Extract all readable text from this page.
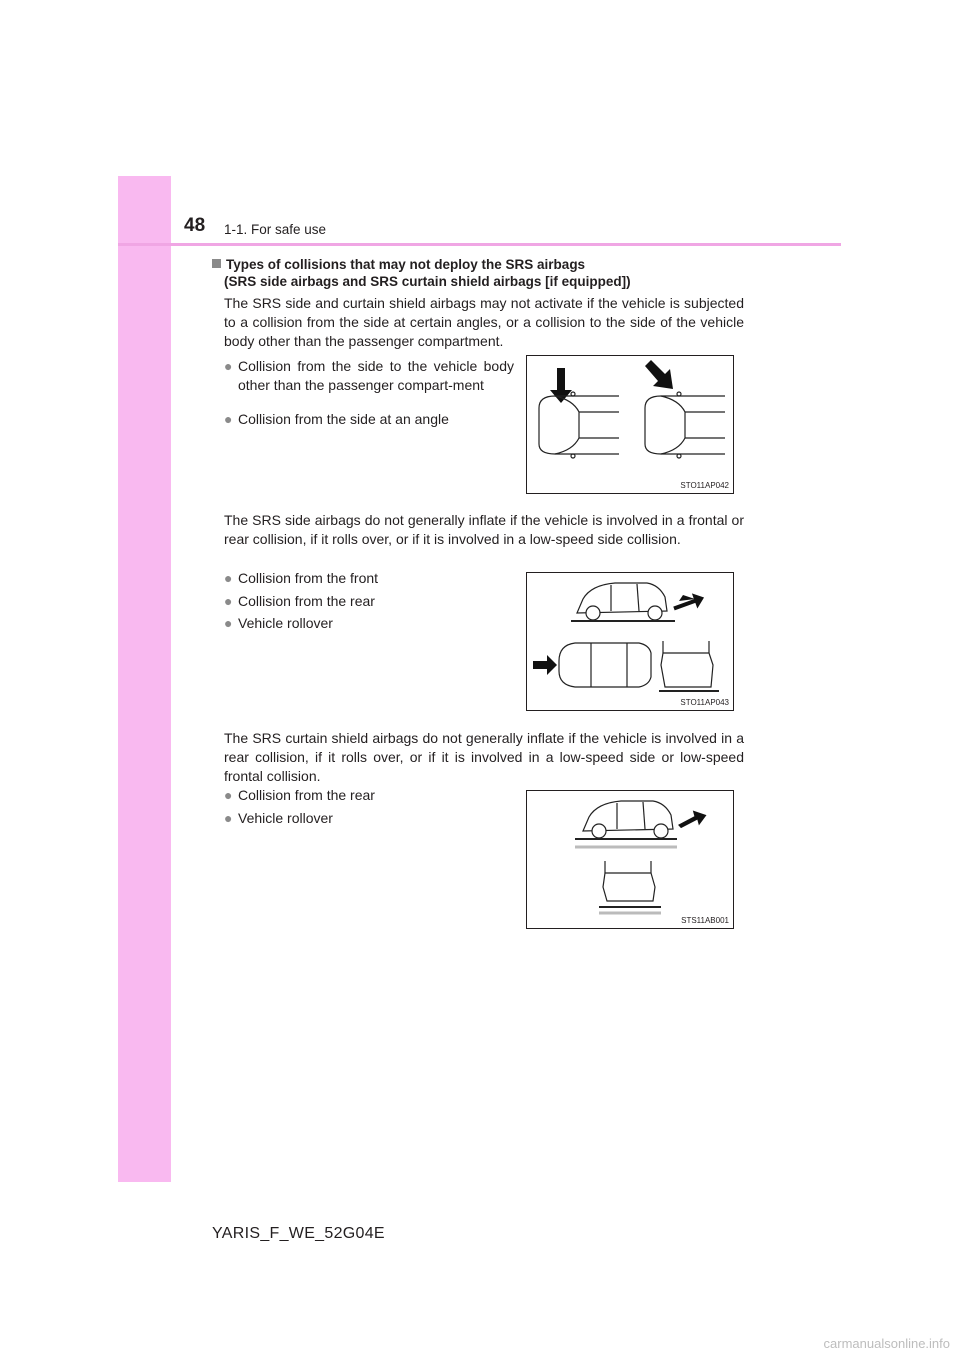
48 1-1. For safe use
Types of collisions that may not deploy the SRS airbags
(SRS side airbags and SRS curtain shield airbags [if equipped])
The SRS side and curtain shield airbags may not activate if the vehicle is subjected to a collision from the side at certain angles, or a collision to the side of the vehicle body other than the passenger compartment.
● Collision from the side to the vehicle body other than the passenger compart-ment
● Collision from the side at an angle
The SRS side airbags do not generally inflate if the vehicle is involved in a frontal or rear collision, if it rolls over, or if it is involved in a low-speed side collision.
● Collision from the front
● Collision from the rear
● Vehicle rollover
The SRS curtain shield airbags do not generally inflate if the vehicle is involved in a rear collision, if it rolls over, or if it is involved in a low-speed side or low-speed frontal collision.
● Collision from the rear
● Vehicle rollover
STO11AP042
STO11AP043
STS11AB001
YARIS_F_WE_52G04E
carmanualsonline.info
